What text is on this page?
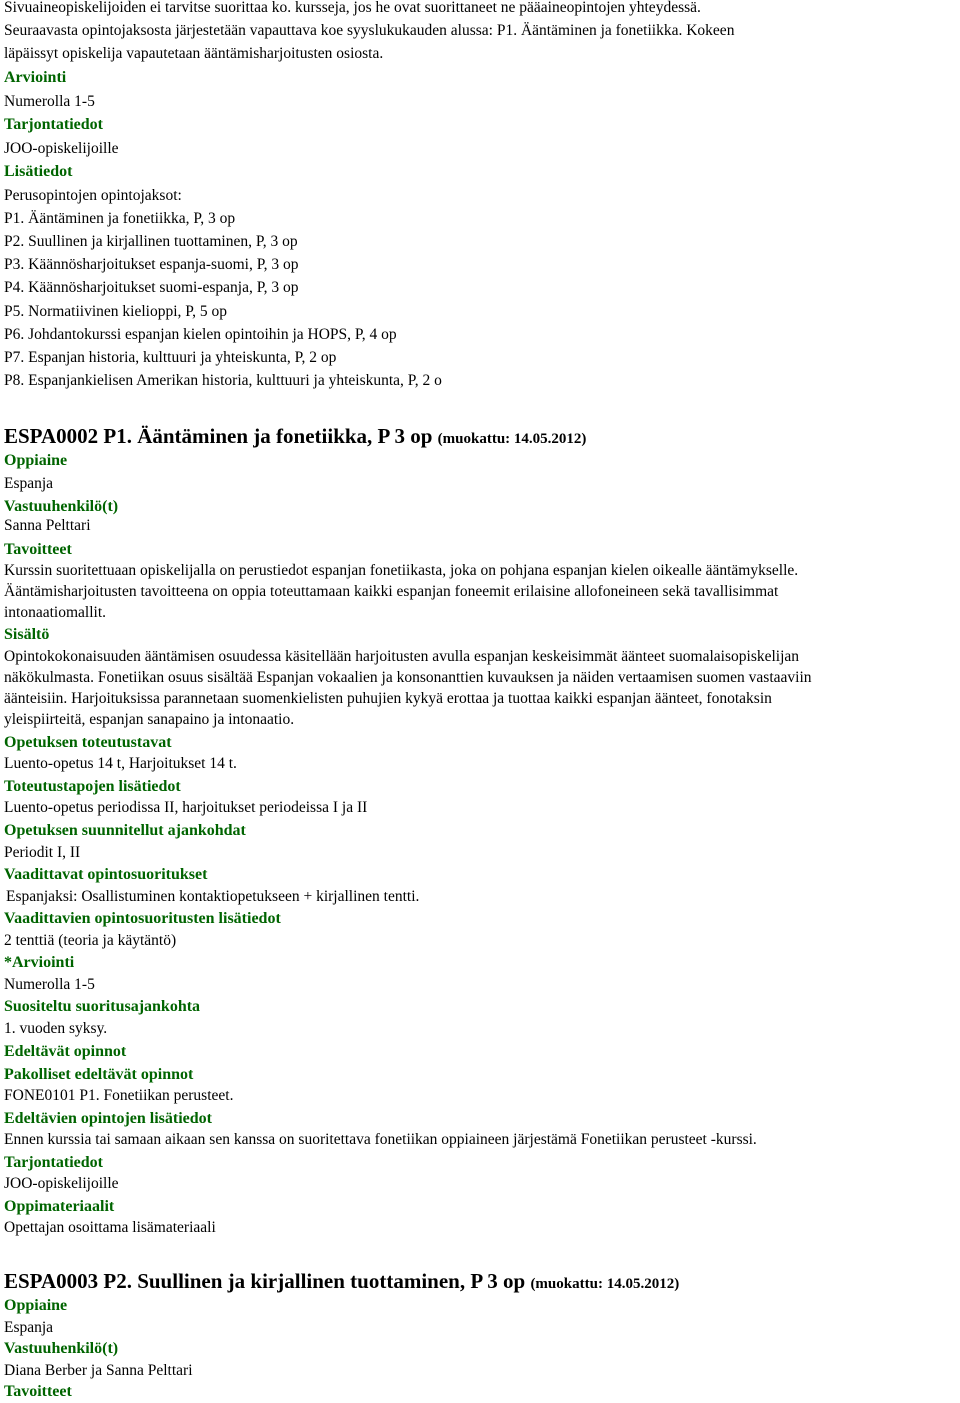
Sivuaineopiskelijoiden ei tarvitse suorittaa ko. kursseja, jos he ovat suorittaneet ne pääaineopintojen yhteydessä.
Seuraavasta opintojaksosta järjestetään vapauttava koe syyslukukauden alussa: P1. Ääntäminen ja fonetiikka. Kokeen
läpäissyt opiskelija vapautetaan ääntämisharjoitusten osiosta.
Arviointi
Numerolla 1-5
Tarjontatiedot
JOO-opiskelijoille
Lisätiedot
Perusopintojen opintojaksot:
P1. Ääntäminen ja fonetiikka, P, 3 op
P2. Suullinen ja kirjallinen tuottaminen, P, 3 op
P3. Käännösharjoitukset espanja-suomi, P, 3 op
P4. Käännösharjoitukset suomi-espanja, P, 3 op
P5. Normatiivinen kielioppi, P, 5 op
P6. Johdantokurssi espanjan kielen opintoihin ja HOPS, P, 4 op
P7. Espanjan historia, kulttuuri ja yhteiskunta, P, 2 op
P8. Espanjankielisen Amerikan historia, kulttuuri ja yhteiskunta, P, 2 o
ESPA0002 P1. Ääntäminen ja fonetiikka, P 3 op (muokattu: 14.05.2012)
Oppiaine
Espanja
Vastuuhenkilö(t)
Sanna Pelttari
Tavoitteet
Kurssin suoritettuaan opiskelijalla on perustiedot espanjan fonetiikasta, joka on pohjana espanjan kielen oikealle ääntämykselle.
Ääntämisharjoitusten tavoitteena on oppia toteuttamaan kaikki espanjan foneemit erilaisine allofoneineen sekä tavallisimmat
intonaatiomallit.
Sisältö
Opintokokonaisuuden ääntämisen osuudessa käsitellään harjoitusten avulla espanjan keskeisimmät äänteet suomalaisopiskelijan
näkökulmasta. Fonetiikan osuus sisältää Espanjan vokaalien ja konsonanttien kuvauksen ja näiden vertaamisen suomen vastaaviin
äänteisiin. Harjoituksissa parannetaan suomenkielisten puhujien kykyä erottaa ja tuottaa kaikki espanjan äänteet, fonotaksin
yleispiirteitä, espanjan sanapaino ja intonaatio.
Opetuksen toteutustavat
Luento-opetus 14 t, Harjoitukset 14 t.
Toteutustapojen lisätiedot
Luento-opetus periodissa II, harjoitukset periodeissa I ja II
Opetuksen suunnitellut ajankohdat
Periodit I, II
Vaadittavat opintosuoritukset
Espanjaksi: Osallistuminen kontaktiopetukseen + kirjallinen tentti.
Vaadittavien opintosuoritusten lisätiedot
2 tenttiä (teoria ja käytäntö)
*Arviointi
Numerolla 1-5
Suositeltu suoritusajankohta
1. vuoden syksy.
Edeltävät opinnot
Pakolliset edeltävät opinnot
FONE0101 P1. Fonetiikan perusteet.
Edeltävien opintojen lisätiedot
Ennen kurssia tai samaan aikaan sen kanssa on suoritettava fonetiikan oppiaineen järjestämä Fonetiikan perusteet -kurssi.
Tarjontatiedot
JOO-opiskelijoille
Oppimateriaalit
Opettajan osoittama lisämateriaali
ESPA0003 P2. Suullinen ja kirjallinen tuottaminen, P 3 op (muokattu: 14.05.2012)
Oppiaine
Espanja
Vastuuhenkilö(t)
Diana Berber ja Sanna Pelttari
Tavoitteet
